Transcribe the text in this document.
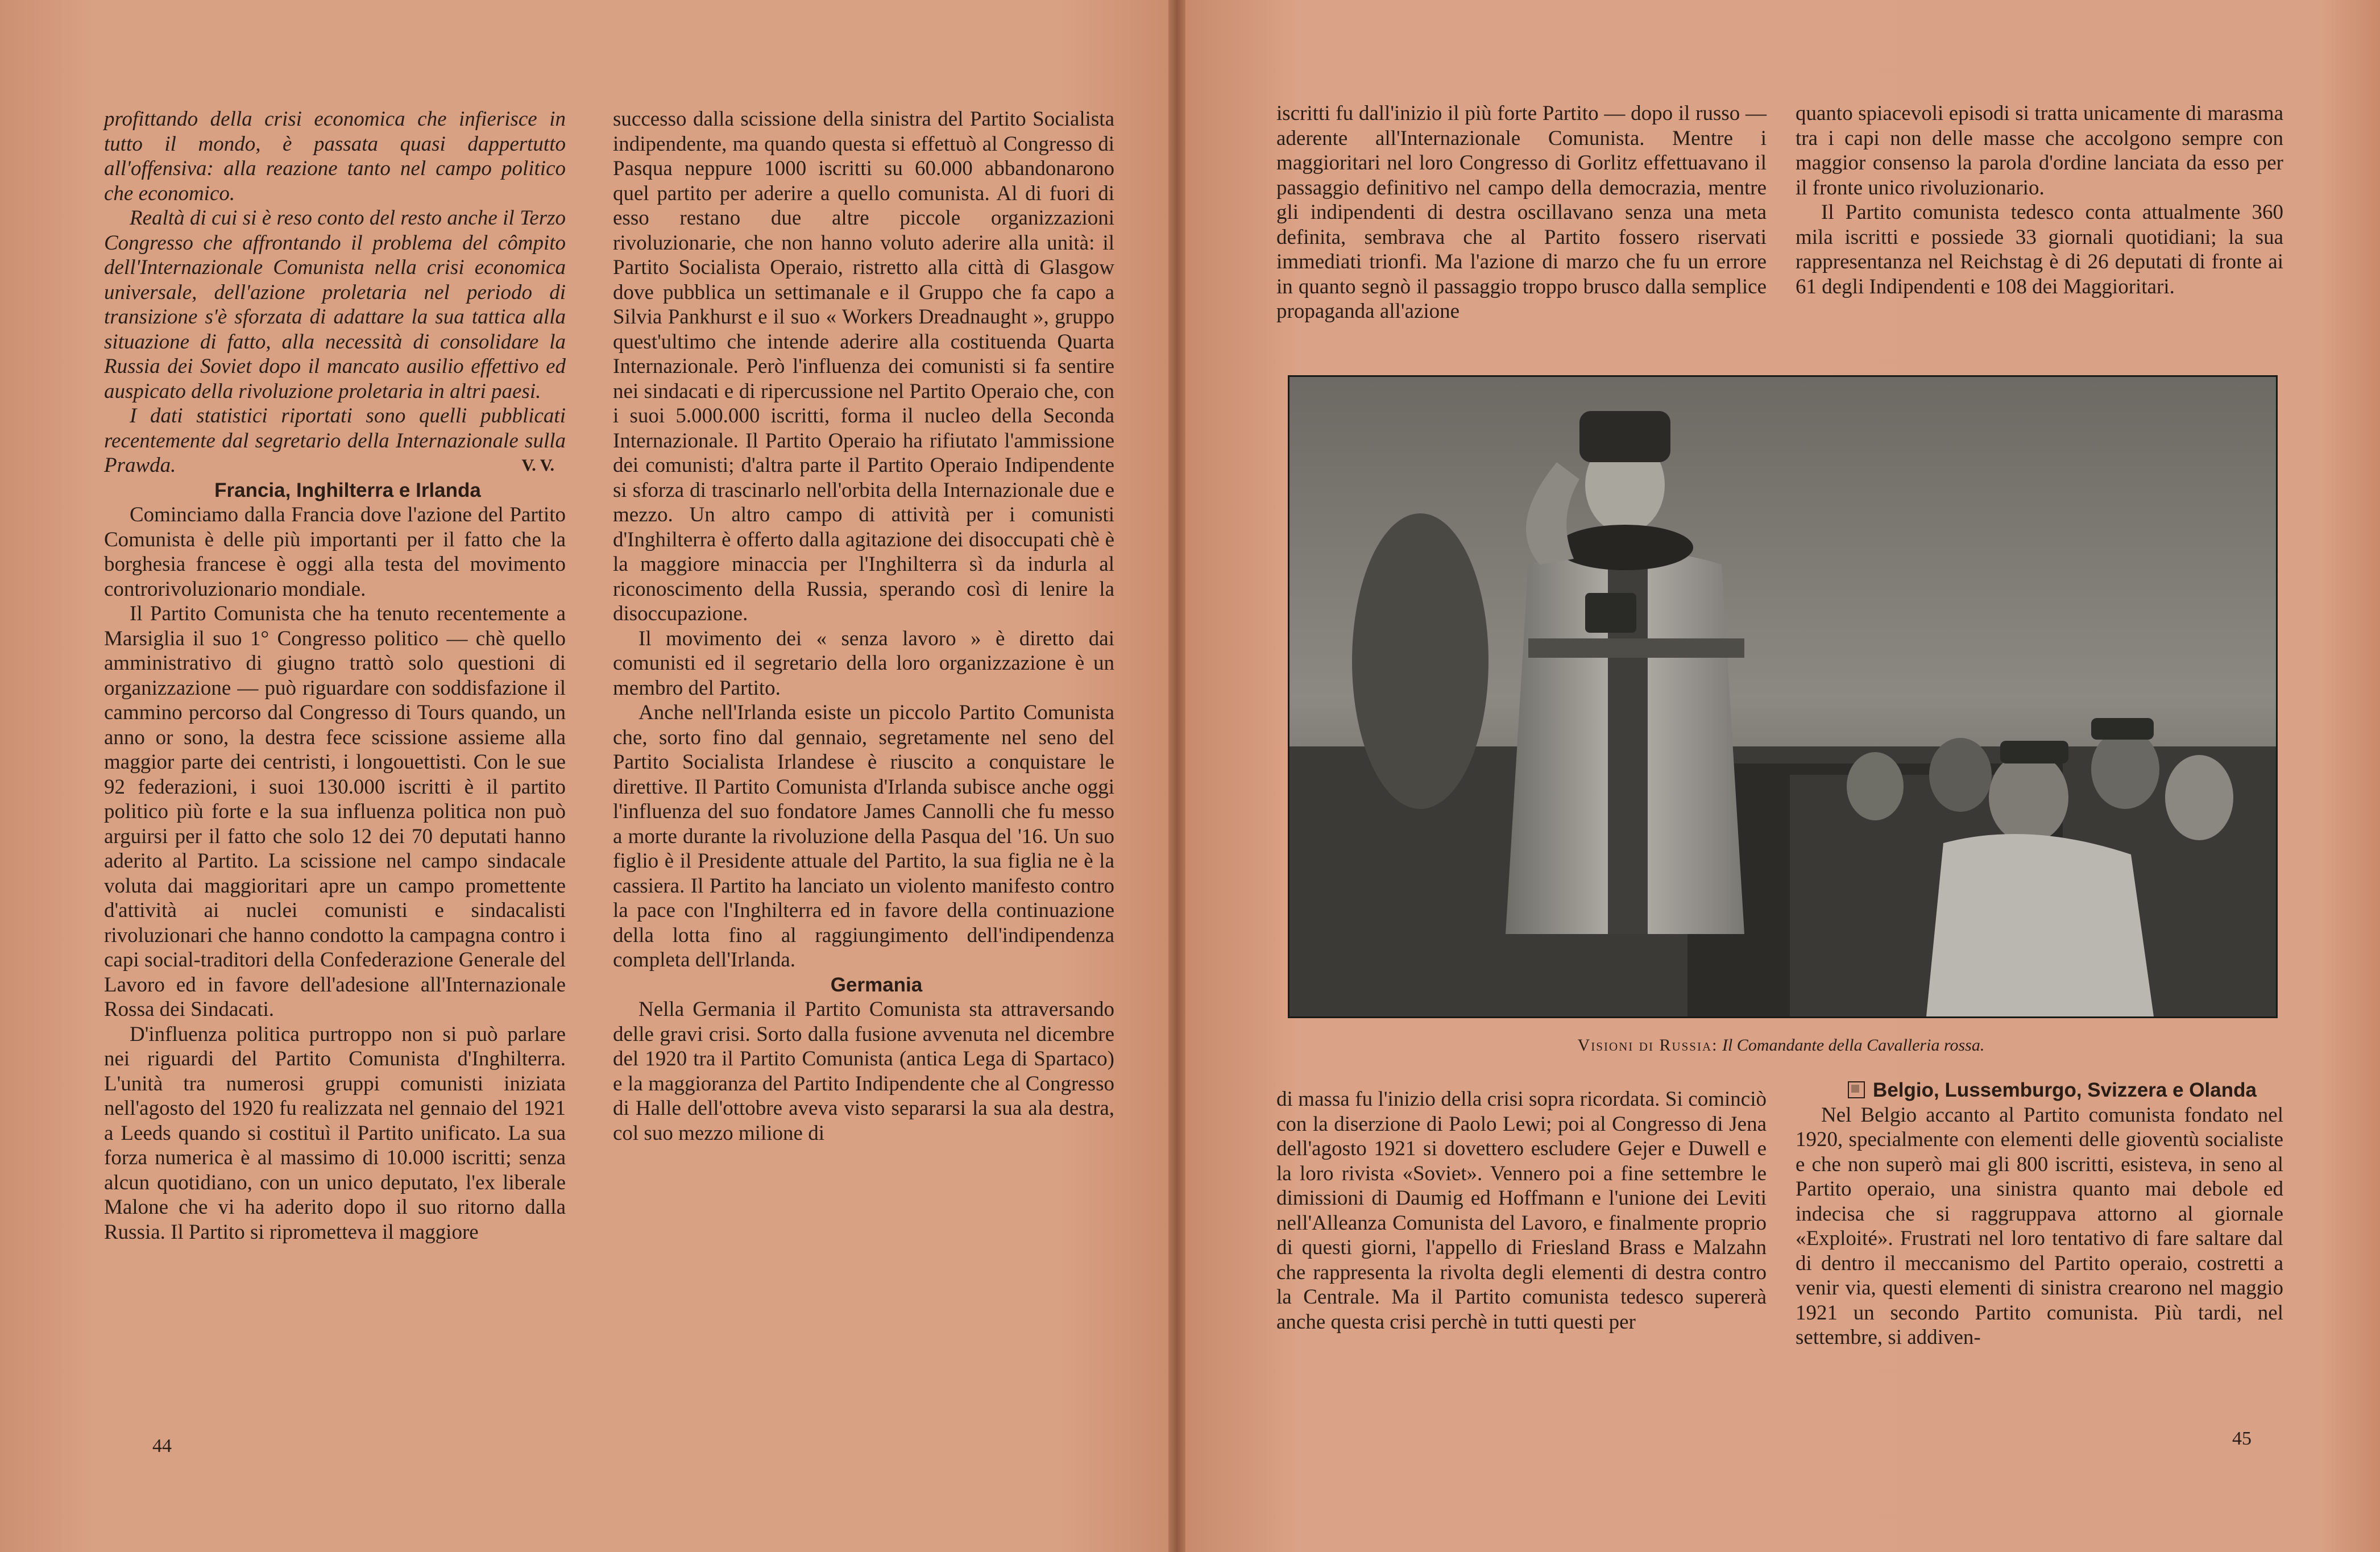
profittando della crisi economica che infierisce in tutto il mondo, è passata quasi dappertutto all'offensiva: alla reazione tanto nel campo politico che economico.

Realtà di cui si è reso conto del resto anche il Terzo Congresso che affrontando il problema del cômpito dell'Internazionale Comunista nella crisi economica universale, dell'azione proletaria nel periodo di transizione s'è sforzata di adattare la sua tattica alla situazione di fatto, alla necessità di consolidare la Russia dei Soviet dopo il mancato ausilio effettivo ed auspicato della rivoluzione proletaria in altri paesi.

I dati statistici riportati sono quelli pubblicati recentemente dal segretario della Internazionale sulla Prawda.	V. V.

Francia, Inghilterra e Irlanda

Cominciamo dalla Francia dove l'azione del Partito Comunista è delle più importanti per il fatto che la borghesia francese è oggi alla testa del movimento controrivoluzionario mondiale.

Il Partito Comunista che ha tenuto recentemente a Marsiglia il suo 1° Congresso politico — chè quello amministrativo di giugno trattò solo questioni di organizzazione — può riguardare con soddisfazione il cammino percorso dal Congresso di Tours quando, un anno or sono, la destra fece scissione assieme alla maggior parte dei centristi, i longouettisti. Con le sue 92 federazioni, i suoi 130.000 iscritti è il partito politico più forte e la sua influenza politica non può arguirsi per il fatto che solo 12 dei 70 deputati hanno aderito al Partito. La scissione nel campo sindacale voluta dai maggioritari apre un campo promettente d'attività ai nuclei comunisti e sindacalisti rivoluzionari che hanno condotto la campagna contro i capi social-traditori della Confederazione Generale del Lavoro ed in favore dell'adesione all'Internazionale Rossa dei Sindacati.

D'influenza politica purtroppo non si può parlare nei riguardi del Partito Comunista d'Inghilterra. L'unità tra numerosi gruppi comunisti iniziata nell'agosto del 1920 fu realizzata nel gennaio del 1921 a Leeds quando si costituì il Partito unificato. La sua forza numerica è al massimo di 10.000 iscritti; senza alcun quotidiano, con un unico deputato, l'ex liberale Malone che vi ha aderito dopo il suo ritorno dalla Russia. Il Partito si riprometteva il maggiore

successo dalla scissione della sinistra del Partito Socialista indipendente, ma quando questa si effettuò al Congresso di Pasqua neppure 1000 iscritti su 60.000 abbandonarono quel partito per aderire a quello comunista. Al di fuori di esso restano due altre piccole organizzazioni rivoluzionarie, che non hanno voluto aderire alla unità: il Partito Socialista Operaio, ristretto alla città di Glasgow dove pubblica un settimanale e il Gruppo che fa capo a Silvia Pankhurst e il suo « Workers Dreadnaught », gruppo quest'ultimo che intende aderire alla costituenda Quarta Internazionale. Però l'influenza dei comunisti si fa sentire nei sindacati e di ripercussione nel Partito Operaio che, con i suoi 5.000.000 iscritti, forma il nucleo della Seconda Internazionale. Il Partito Operaio ha rifiutato l'ammissione dei comunisti; d'altra parte il Partito Operaio Indipendente si sforza di trascinarlo nell'orbita della Internazionale due e mezzo. Un altro campo di attività per i comunisti d'Inghilterra è offerto dalla agitazione dei disoccupati chè è la maggiore minaccia per l'Inghilterra sì da indurla al riconoscimento della Russia, sperando così di lenire la disoccupazione.

Il movimento dei « senza lavoro » è diretto dai comunisti ed il segretario della loro organizzazione è un membro del Partito.

Anche nell'Irlanda esiste un piccolo Partito Comunista che, sorto fino dal gennaio, segretamente nel seno del Partito Socialista Irlandese è riuscito a conquistare le direttive. Il Partito Comunista d'Irlanda subisce anche oggi l'influenza del suo fondatore James Cannolli che fu messo a morte durante la rivoluzione della Pasqua del '16. Un suo figlio è il Presidente attuale del Partito, la sua figlia ne è la cassiera. Il Partito ha lanciato un violento manifesto contro la pace con l'Inghilterra ed in favore della continuazione della lotta fino al raggiungimento dell'indipendenza completa dell'Irlanda.

Germania

Nella Germania il Partito Comunista sta attraversando delle gravi crisi. Sorto dalla fusione avvenuta nel dicembre del 1920 tra il Partito Comunista (antica Lega di Spartaco) e la maggioranza del Partito Indipendente che al Congresso di Halle dell'ottobre aveva visto separarsi la sua ala destra, col suo mezzo milione di

44

iscritti fu dall'inizio il più forte Partito — dopo il russo — aderente all'Internazionale Comunista. Mentre i maggioritari nel loro Congresso di Gorlitz effettuavano il passaggio definitivo nel campo della democrazia, mentre gli indipendenti di destra oscillavano senza una meta definita, sembrava che al Partito fossero riservati immediati trionfi. Ma l'azione di marzo che fu un errore in quanto segnò il passaggio troppo brusco dalla semplice propaganda all'azione

quanto spiacevoli episodi si tratta unicamente di marasma tra i capi non delle masse che accolgono sempre con maggior consenso la parola d'ordine lanciata da esso per il fronte unico rivoluzionario.

Il Partito comunista tedesco conta attualmente 360 mila iscritti e possiede 33 giornali quotidiani; la sua rappresentanza nel Reichstag è di 26 deputati di fronte ai 61 degli Indipendenti e 108 dei Maggioritari.

Visioni di Russia: Il Comandante della Cavalleria rossa.

di massa fu l'inizio della crisi sopra ricordata. Si cominciò con la diserzione di Paolo Lewi; poi al Congresso di Jena dell'agosto 1921 si dovettero escludere Gejer e Duwell e la loro rivista «Soviet». Vennero poi a fine settembre le dimissioni di Daumig ed Hoffmann e l'unione dei Leviti nell'Alleanza Comunista del Lavoro, e finalmente proprio di questi giorni, l'appello di Friesland Brass e Malzahn che rappresenta la rivolta degli elementi di destra contro la Centrale. Ma il Partito comunista tedesco supererà anche questa crisi perchè in tutti questi per

Belgio, Lussemburgo, Svizzera e Olanda

Nel Belgio accanto al Partito comunista fondato nel 1920, specialmente con elementi delle gioventù socialiste e che non superò mai gli 800 iscritti, esisteva, in seno al Partito operaio, una sinistra quanto mai debole ed indecisa che si raggruppava attorno al giornale «Exploité». Frustrati nel loro tentativo di fare saltare dal di dentro il meccanismo del Partito operaio, costretti a venir via, questi elementi di sinistra crearono nel maggio 1921 un secondo Partito comunista. Più tardi, nel settembre, si addiven-

45
